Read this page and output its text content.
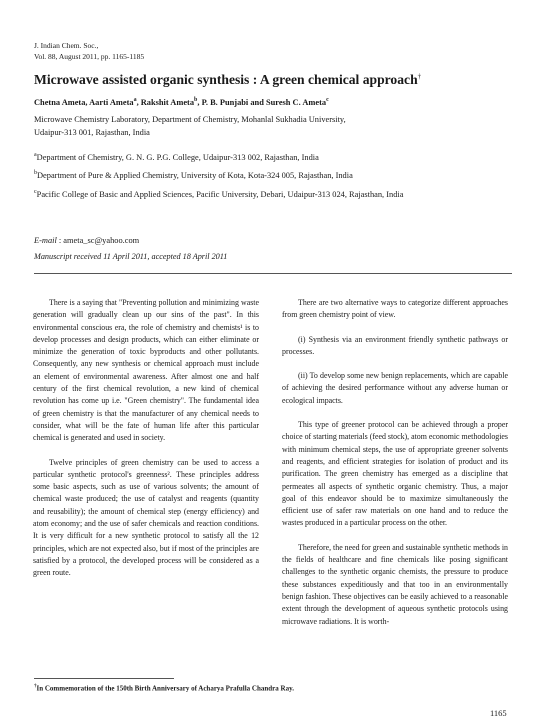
J. Indian Chem. Soc.,
Vol. 88, August 2011, pp. 1165-1185
Microwave assisted organic synthesis : A green chemical approach†
Chetna Ameta, Aarti Ameta$^a$, Rakshit Ameta$^b$, P. B. Punjabi and Suresh C. Ameta$^c$
Microwave Chemistry Laboratory, Department of Chemistry, Mohanlal Sukhadia University,
Udaipur-313 001, Rajasthan, India
$^a$Department of Chemistry, G. N. G. P.G. College, Udaipur-313 002, Rajasthan, India
$^b$Department of Pure & Applied Chemistry, University of Kota, Kota-324 005, Rajasthan, India
$^c$Pacific College of Basic and Applied Sciences, Pacific University, Debari, Udaipur-313 024, Rajasthan, India
E-mail : ameta_sc@yahoo.com
Manuscript received 11 April 2011, accepted 18 April 2011

There is a saying that "Preventing pollution and minimizing waste generation will gradually clean up our sins of the past". In this environmental conscious era, the role of chemistry and chemists¹ is to develop processes and design products, which can either eliminate or minimize the generation of toxic byproducts and other pollutants. Consequently, any new synthesis or chemical approach must include an element of environmental awareness. After almost one and half century of the first chemical revolution, a new kind of chemical revolution has come up i.e. "Green chemistry". The fundamental idea of green chemistry is that the manufacturer of any chemical needs to consider, what will be the fate of human life after this particular chemical is generated and used in society.

Twelve principles of green chemistry can be used to access a particular synthetic protocol's greenness². These principles address some basic aspects, such as use of various solvents; the amount of chemical waste produced; the use of catalyst and reagents (quantity and reusability); the amount of chemical step (energy efficiency) and atom economy; and the use of safer chemicals and reaction conditions. It is very difficult for a new synthetic protocol to satisfy all the 12 principles, which are not expected also, but if most of the principles are satisfied by a protocol, the developed process will be considered as a green route.

There are two alternative ways to categorize different approaches from green chemistry point of view.

(i) Synthesis via an environment friendly synthetic pathways or processes.

(ii) To develop some new benign replacements, which are capable of achieving the desired performance without any adverse human or ecological impacts.

This type of greener protocol can be achieved through a proper choice of starting materials (feed stock), atom economic methodologies with minimum chemical steps, the use of appropriate greener solvents and reagents, and efficient strategies for isolation of product and its purification. The green chemistry has emerged as a discipline that permeates all aspects of synthetic organic chemistry. Thus, a major goal of this endeavor should be to maximize simultaneously the efficient use of safer raw materials on one hand and to reduce the wastes produced in a particular process on the other.

Therefore, the need for green and sustainable synthetic methods in the fields of healthcare and fine chemicals like posing significant challenges to the synthetic organic chemists, the pressure to produce these substances expeditiously and that too in an environmentally benign fashion. These objectives can be easily achieved to a reasonable extent through the development of aqueous synthetic protocols using microwave radiations. It is worth-

†In Commemoration of the 150th Birth Anniversary of Acharya Prafulla Chandra Ray.
1165
